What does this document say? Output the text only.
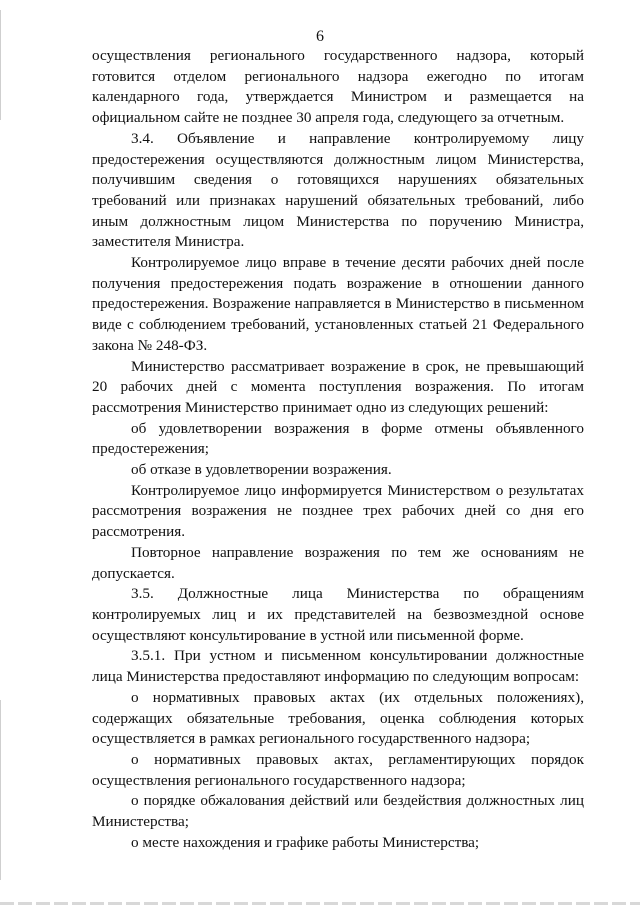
6

осуществления регионального государственного надзора, который готовится отделом регионального надзора ежегодно по итогам календарного года, утверждается Министром и размещается на официальном сайте не позднее 30 апреля года, следующего за отчетным.

3.4. Объявление и направление контролируемому лицу предостережения осуществляются должностным лицом Министерства, получившим сведения о готовящихся нарушениях обязательных требований или признаках нарушений обязательных требований, либо иным должностным лицом Министерства по поручению Министра, заместителя Министра.

Контролируемое лицо вправе в течение десяти рабочих дней после получения предостережения подать возражение в отношении данного предостережения. Возражение направляется в Министерство в письменном виде с соблюдением требований, установленных статьей 21 Федерального закона № 248-ФЗ.

Министерство рассматривает возражение в срок, не превышающий 20 рабочих дней с момента поступления возражения. По итогам рассмотрения Министерство принимает одно из следующих решений:

об удовлетворении возражения в форме отмены объявленного предостережения;

об отказе в удовлетворении возражения.

Контролируемое лицо информируется Министерством о результатах рассмотрения возражения не позднее трех рабочих дней со дня его рассмотрения.

Повторное направление возражения по тем же основаниям не допускается.

3.5. Должностные лица Министерства по обращениям контролируемых лиц и их представителей на безвозмездной основе осуществляют консультирование в устной или письменной форме.

3.5.1. При устном и письменном консультировании должностные лица Министерства предоставляют информацию по следующим вопросам:

о нормативных правовых актах (их отдельных положениях), содержащих обязательные требования, оценка соблюдения которых осуществляется в рамках регионального государственного надзора;

о нормативных правовых актах, регламентирующих порядок осуществления регионального государственного надзора;

о порядке обжалования действий или бездействия должностных лиц Министерства;

о месте нахождения и графике работы Министерства;
